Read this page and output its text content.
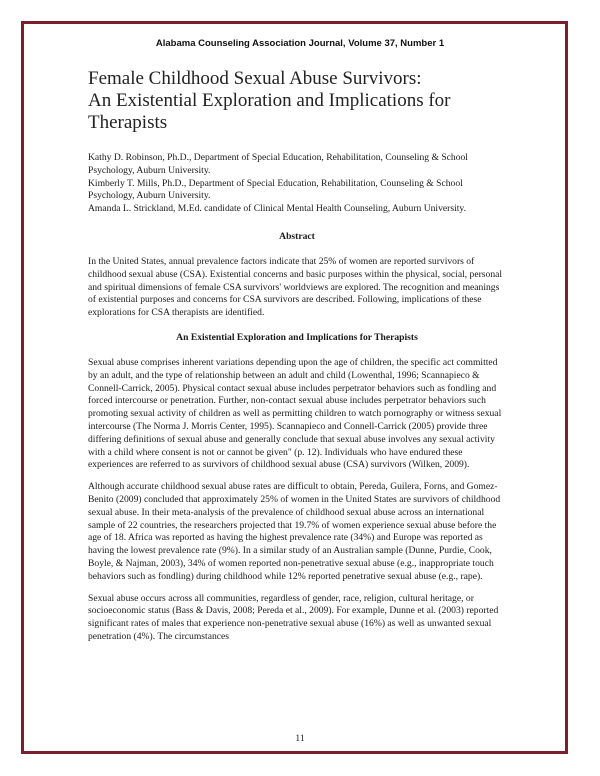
Alabama Counseling Association Journal, Volume 37, Number 1
Female Childhood Sexual Abuse Survivors:
An Existential Exploration and Implications for
Therapists

Kathy D. Robinson, Ph.D., Department of Special Education, Rehabilitation, Counseling & School Psychology, Auburn University.

Kimberly T. Mills, Ph.D., Department of Special Education, Rehabilitation, Counseling & School Psychology, Auburn University.

Amanda L. Strickland, M.Ed. candidate of Clinical Mental Health Counseling, Auburn University.

Abstract

In the United States, annual prevalence factors indicate that 25% of women are reported survivors of childhood sexual abuse (CSA). Existential concerns and basic purposes within the physical, social, personal and spiritual dimensions of female CSA survivors' worldviews are explored. The recognition and meanings of existential purposes and concerns for CSA survivors are described. Following, implications of these explorations for CSA therapists are identified.

An Existential Exploration and Implications for Therapists

Sexual abuse comprises inherent variations depending upon the age of children, the specific act committed by an adult, and the type of relationship between an adult and child (Lowenthal, 1996; Scannapieco & Connell-Carrick, 2005). Physical contact sexual abuse includes perpetrator behaviors such as fondling and forced intercourse or penetration. Further, non-contact sexual abuse includes perpetrator behaviors such promoting sexual activity of children as well as permitting children to watch pornography or witness sexual intercourse (The Norma J. Morris Center, 1995). Scannapieco and Connell-Carrick (2005) provide three differing definitions of sexual abuse and generally conclude that sexual abuse involves any sexual activity with a child where consent is not or cannot be given" (p. 12). Individuals who have endured these experiences are referred to as survivors of childhood sexual abuse (CSA) survivors (Wilken, 2009).

Although accurate childhood sexual abuse rates are difficult to obtain, Pereda, Guilera, Forns, and Gomez-Benito (2009) concluded that approximately 25% of women in the United States are survivors of childhood sexual abuse. In their meta-analysis of the prevalence of childhood sexual abuse across an international sample of 22 countries, the researchers projected that 19.7% of women experience sexual abuse before the age of 18. Africa was reported as having the highest prevalence rate (34%) and Europe was reported as having the lowest prevalence rate (9%). In a similar study of an Australian sample (Dunne, Purdie, Cook, Boyle, & Najman, 2003), 34% of women reported non-penetrative sexual abuse (e.g., inappropriate touch behaviors such as fondling) during childhood while 12% reported penetrative sexual abuse (e.g., rape).

Sexual abuse occurs across all communities, regardless of gender, race, religion, cultural heritage, or socioeconomic status (Bass & Davis, 2008; Pereda et al., 2009). For example, Dunne et al. (2003) reported significant rates of males that experience non-penetrative sexual abuse (16%) as well as unwanted sexual penetration (4%). The circumstances

11
